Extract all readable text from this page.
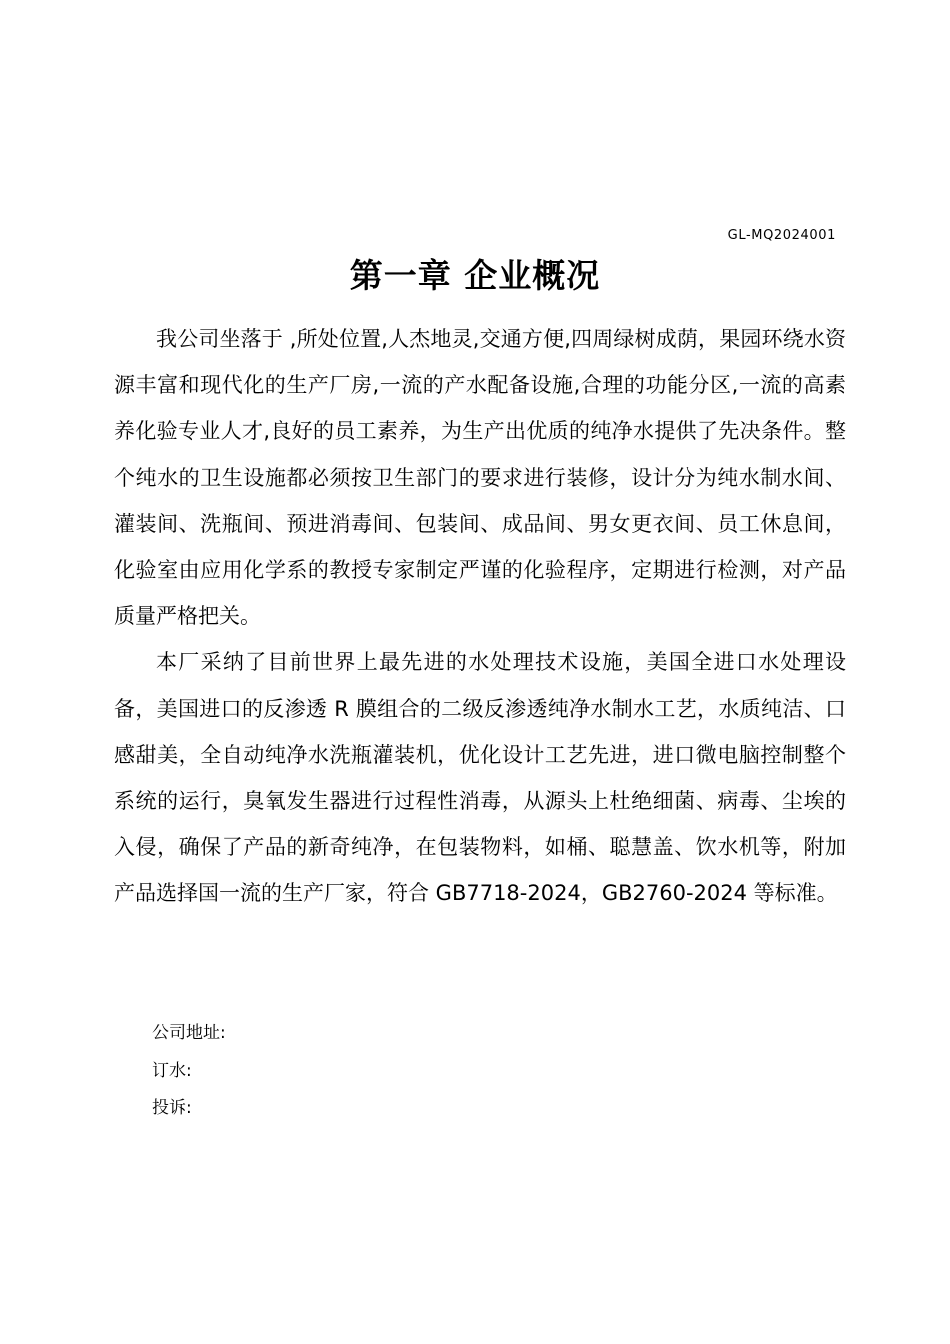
GL-MQ2024001
第一章 企业概况

我公司坐落于 ,所处位置,人杰地灵,交通方便,四周绿树成荫，果园环绕水资源丰富和现代化的生产厂房,一流的产水配备设施,合理的功能分区,一流的高素养化验专业人才,良好的员工素养，为生产出优质的纯净水提供了先决条件。整个纯水的卫生设施都必须按卫生部门的要求进行装修，设计分为纯水制水间、灌装间、洗瓶间、预进消毒间、包装间、成品间、男女更衣间、员工休息间，化验室由应用化学系的教授专家制定严谨的化验程序，定期进行检测，对产品质量严格把关。

本厂采纳了目前世界上最先进的水处理技术设施，美国全进口水处理设备，美国进口的反渗透 R 膜组合的二级反渗透纯净水制水工艺，水质纯洁、口感甜美，全自动纯净水洗瓶灌装机，优化设计工艺先进，进口微电脑控制整个系统的运行，臭氧发生器进行过程性消毒，从源头上杜绝细菌、病毒、尘埃的入侵，确保了产品的新奇纯净，在包装物料，如桶、聪慧盖、饮水机等，附加产品选择国一流的生产厂家，符合 GB7718-2024，GB2760-2024 等标准。

公司地址:
订水:
投诉:
